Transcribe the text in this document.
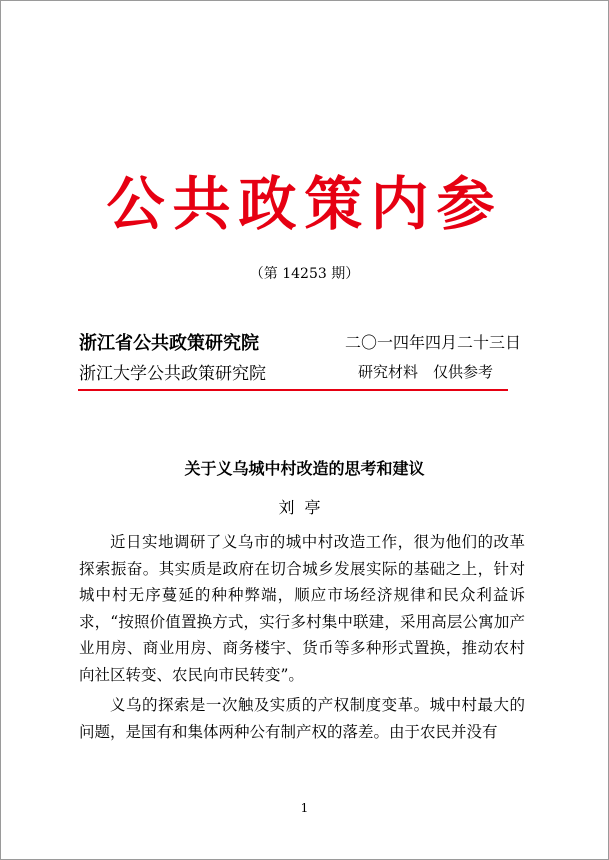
公共政策内参
（第 14253 期）
浙江省公共政策研究院	二〇一四年四月二十三日
浙江大学公共政策研究院	研究材料　仅供参考
关于义乌城中村改造的思考和建议
刘亭

近日实地调研了义乌市的城中村改造工作，很为他们的改革探索振奋。其实质是政府在切合城乡发展实际的基础之上，针对城中村无序蔓延的种种弊端，顺应市场经济规律和民众利益诉求，“按照价值置换方式，实行多村集中联建，采用高层公寓加产业用房、商业用房、商务楼宇、货币等多种形式置换，推动农村向社区转变、农民向市民转变”。

义乌的探索是一次触及实质的产权制度变革。城中村最大的问题，是国有和集体两种公有制产权的落差。由于农民并没有

1
